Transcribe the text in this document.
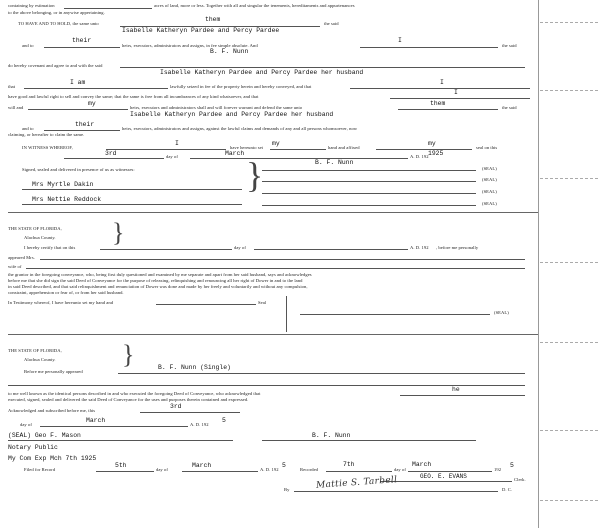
containing by estimation	acres of land, more or less. Together with all and singular the tenements, hereditaments and appurtenances
to the above belonging, or in anywise appertaining.
TO HAVE AND TO HOLD, the same unto
them
the said
Isabelle Katheryn Pardee and Percy Pardee
and to
their
heirs, executors, administrators and assigns, in fee simple absolute. And
I
the said
B. F. Nunn
do hereby covenant and agree to and with the said
Isabelle Katheryn Pardee and Percy Pardee her husband
that
I am
lawfully seized in fee of the property herein and hereby conveyed, and that
I
have good and lawful right to sell and convey the same; that the same is free from all incumbrances of any kind whatsoever, and that
I
will and
my
heirs, executors and administrators shall and will forever warrant and defend the same unto
them
the said
Isabelle Katheryn Pardee and Percy Pardee her husband
and to
their
heirs, executors, administrators and assigns, against the lawful claims and demands of any and all persons whomsoever, now
claiming, or hereafter to claim the same.
IN WITNESS WHEREOF,
I
have hereunto set
my
hand and affixed
my
seal on this
3rd	day of	March	A. D. 192 1925
Signed, sealed and delivered in presence of us as witnesses:
B. F. Nunn
(SEAL)
(SEAL)
(SEAL)
(SEAL)
Mrs Myrtle Dakin
Mrs Nettie Reddock
}
THE STATE OF FLORIDA,
Alachua County. }
I hereby certify that on this	day of	A. D. 192 , before me personally
appeared Mrs.
wife of
the grantor in the foregoing conveyance, who, being first duly questioned and examined by me separate and apart from her said husband, says and acknowledges
before me that she did sign the said Deed of Conveyance for the purpose of releasing, relinquishing and renouncing all her right of Dower in and to the land
in said Deed described, and that said relinquishment and renunciation of Dower was done and made by her freely and voluntarily and without any compulsion,
constraint, apprehension or fear of, or from her said husband.
In Testimony whereof, I have hereunto set my hand and	Seal
(SEAL)
THE STATE OF FLORIDA,
Alachua County.	}
Before me personally appeared
B. F. Nunn (Single)
to me well known as the identical persons described in and who executed the foregoing Deed of Conveyance, who acknowledged that
he
executed, signed, sealed and delivered the said Deed of Conveyance for the uses and purposes therein contained and expressed.
Acknowledged and subscribed before me, this
3rd
day of
March
A. D. 192
5
(SEAL) Geo F. Mason
Notary Public
My Com Exp Mch 7th 1925
B. F. Nunn
Filed for Record
5th
day of
March
A. D. 192
5
Recorded
7th
day of
March
192
5
GEO. E. EVANS	Clerk.
By	Mattie S. Tarbell	D. C.
